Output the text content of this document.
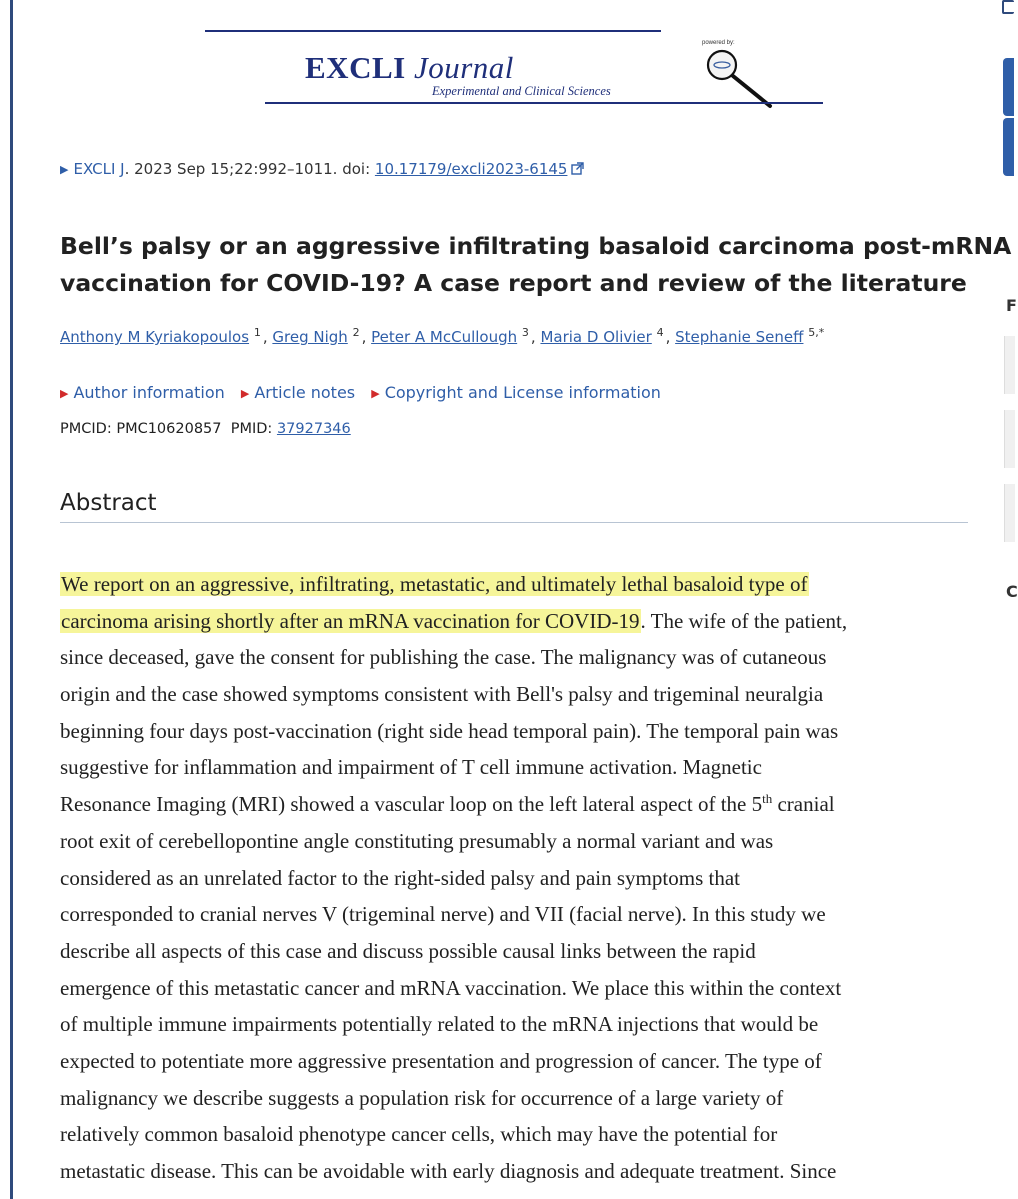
F
C
EXCLI Journal
Experimental and Clinical Sciences
powered by:
▶ EXCLI J. 2023 Sep 15;22:992–1011. doi: 10.17179/excli2023-6145
Bell’s palsy or an aggressive infiltrating basaloid carcinoma post-mRNA
vaccination for COVID-19? A case report and review of the literature
Anthony M Kyriakopoulos $^1$ , Greg Nigh $^2$ , Peter A McCullough $^3$ , Maria D Olivier $^4$ , Stephanie Seneff $^{5,*}$
▶ Author information ▶ Article notes ▶ Copyright and License information
PMCID: PMC10620857 PMID: 37927346
Abstract
We report on an aggressive, infiltrating, metastatic, and ultimately lethal basaloid type of
carcinoma arising shortly after an mRNA vaccination for COVID-19. The wife of the patient,
since deceased, gave the consent for publishing the case. The malignancy was of cutaneous
origin and the case showed symptoms consistent with Bell's palsy and trigeminal neuralgia
beginning four days post-vaccination (right side head temporal pain). The temporal pain was
suggestive for inflammation and impairment of T cell immune activation. Magnetic
Resonance Imaging (MRI) showed a vascular loop on the left lateral aspect of the 5th cranial
root exit of cerebellopontine angle constituting presumably a normal variant and was
considered as an unrelated factor to the right-sided palsy and pain symptoms that
corresponded to cranial nerves V (trigeminal nerve) and VII (facial nerve). In this study we
describe all aspects of this case and discuss possible causal links between the rapid
emergence of this metastatic cancer and mRNA vaccination. We place this within the context
of multiple immune impairments potentially related to the mRNA injections that would be
expected to potentiate more aggressive presentation and progression of cancer. The type of
malignancy we describe suggests a population risk for occurrence of a large variety of
relatively common basaloid phenotype cancer cells, which may have the potential for
metastatic disease. This can be avoidable with early diagnosis and adequate treatment. Since
